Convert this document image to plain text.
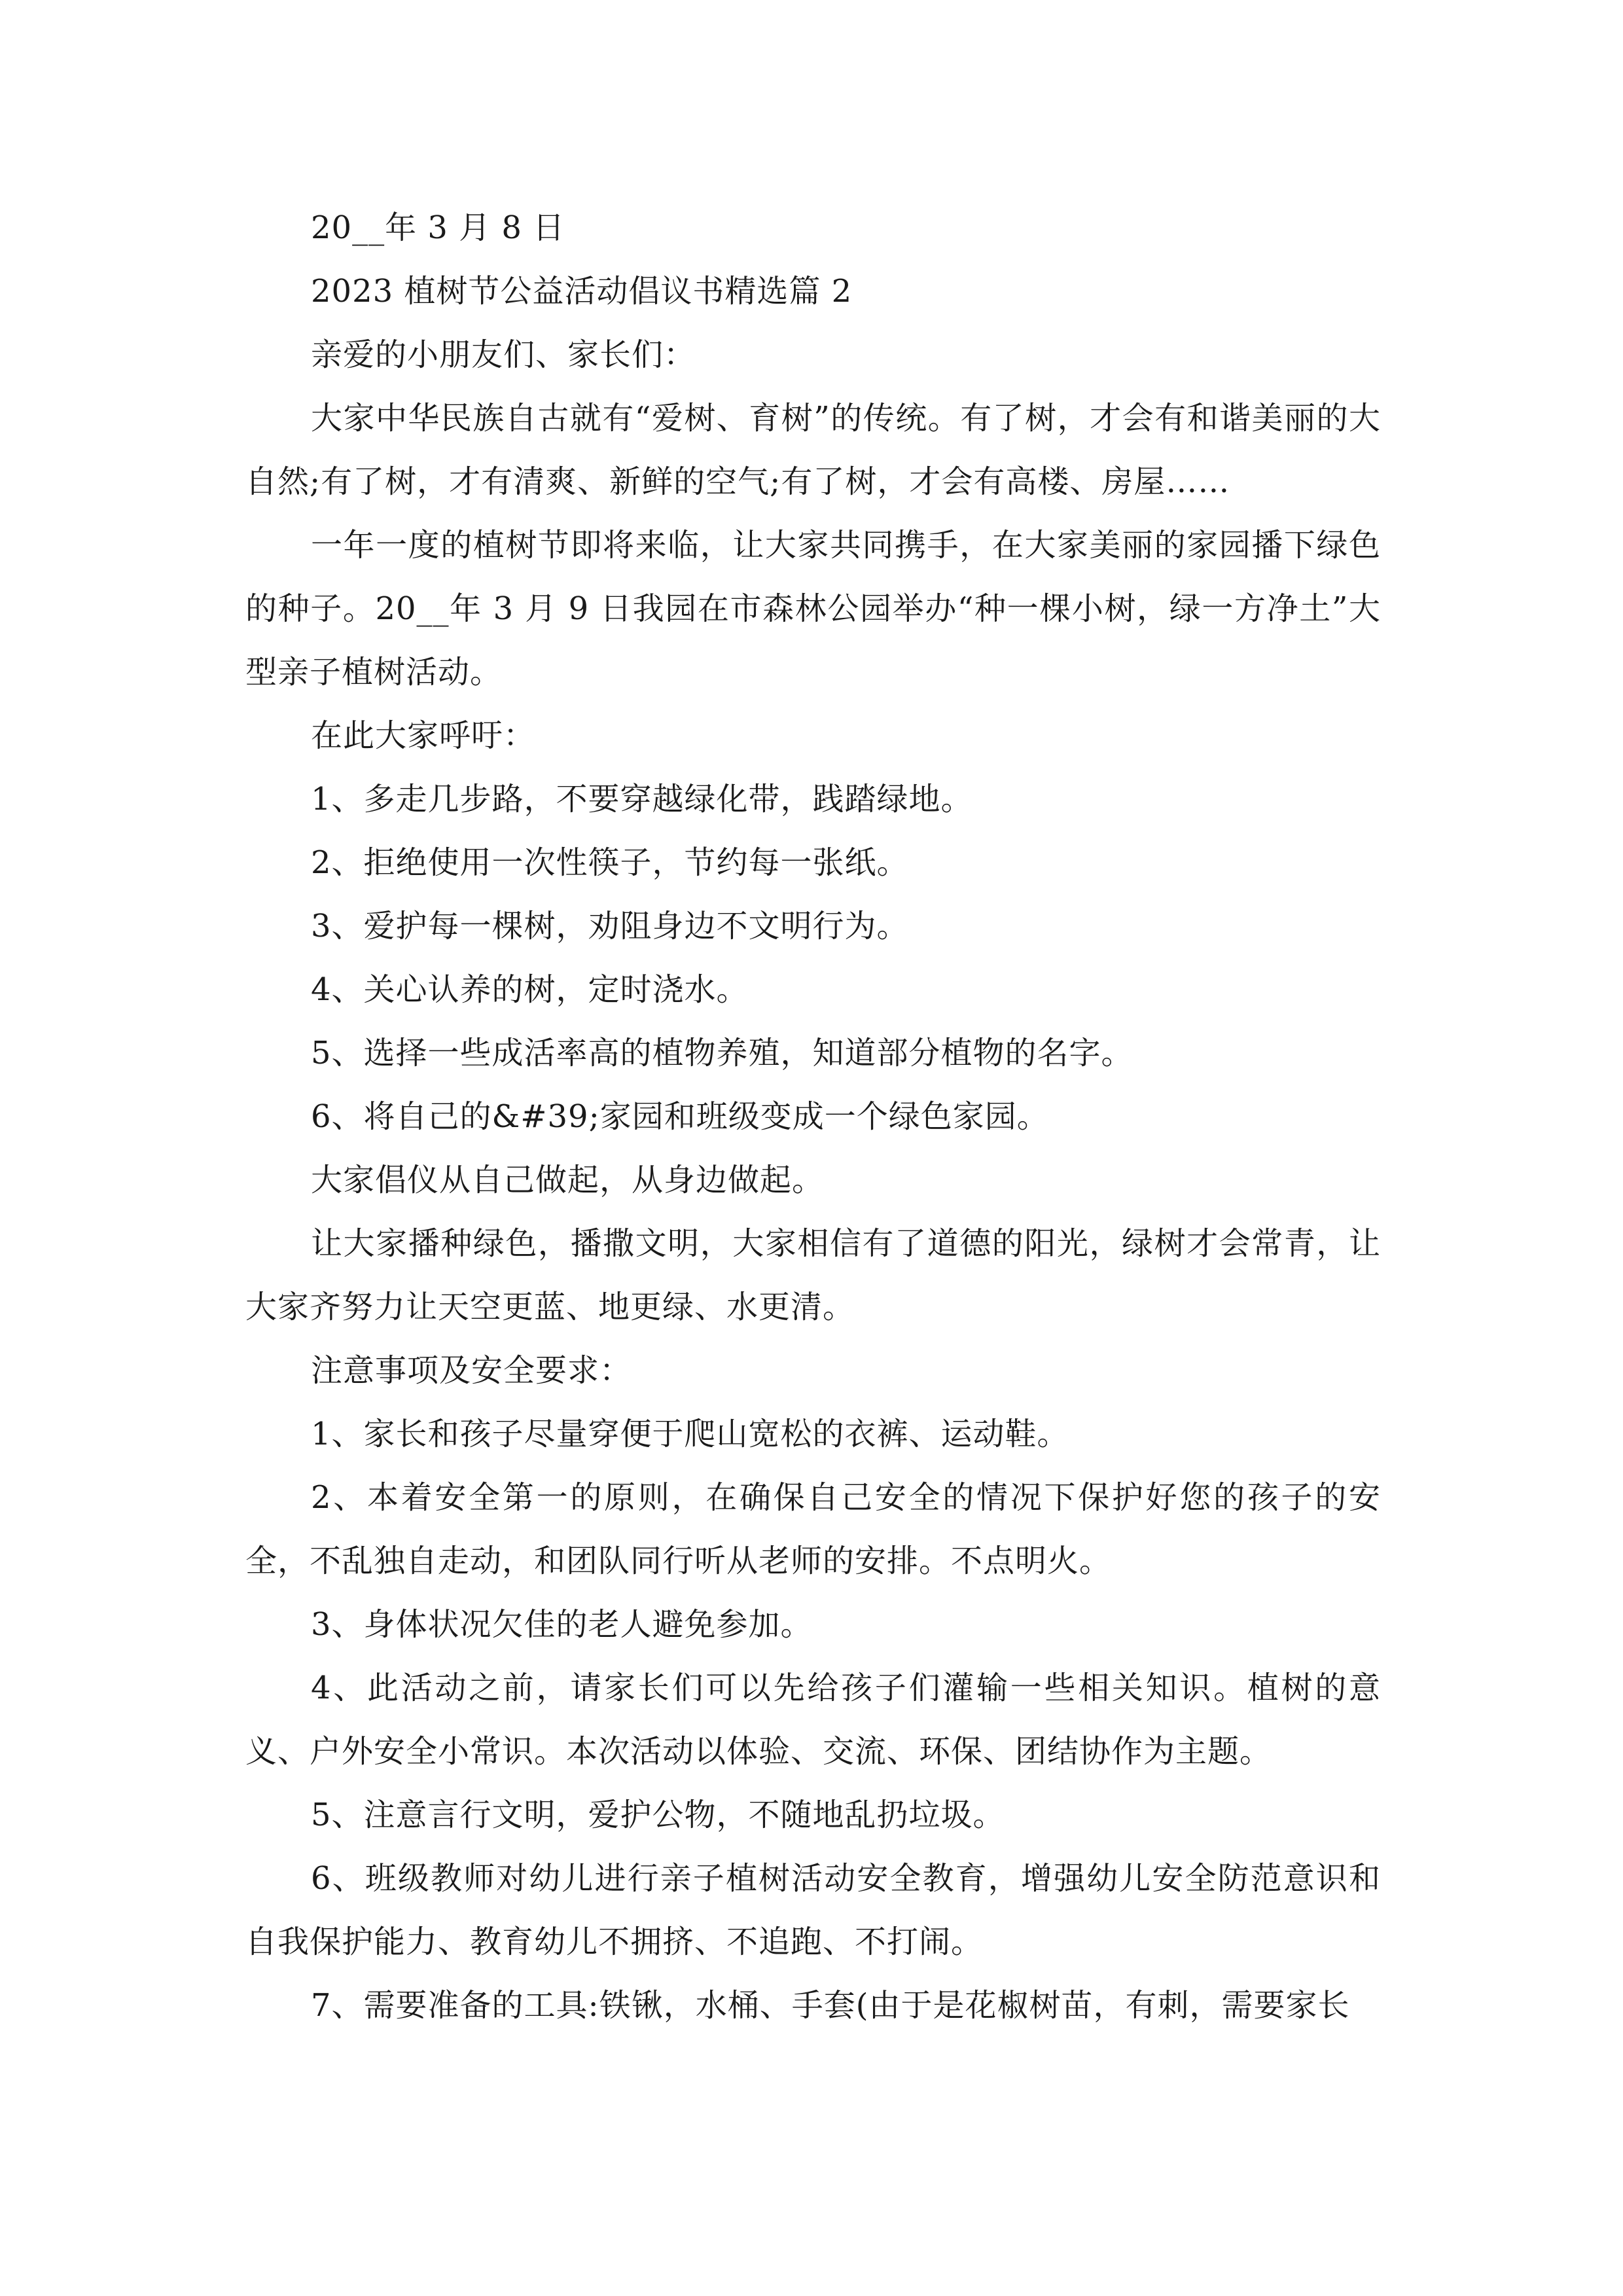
20__年 3 月 8 日

2023 植树节公益活动倡议书精选篇 2

亲爱的小朋友们、家长们：

大家中华民族自古就有“爱树、育树”的传统。有了树，才会有和谐美丽的大自然;有了树，才有清爽、新鲜的空气;有了树，才会有高楼、房屋……

一年一度的植树节即将来临，让大家共同携手，在大家美丽的家园播下绿色的种子。20__年 3 月 9 日我园在市森林公园举办“种一棵小树，绿一方净土”大型亲子植树活动。

在此大家呼吁：

1、多走几步路，不要穿越绿化带，践踏绿地。

2、拒绝使用一次性筷子，节约每一张纸。

3、爱护每一棵树，劝阻身边不文明行为。

4、关心认养的树，定时浇水。

5、选择一些成活率高的植物养殖，知道部分植物的名字。

6、将自己的&#39;家园和班级变成一个绿色家园。

大家倡仪从自己做起，从身边做起。

让大家播种绿色，播撒文明，大家相信有了道德的阳光，绿树才会常青，让大家齐努力让天空更蓝、地更绿、水更清。

注意事项及安全要求：

1、家长和孩子尽量穿便于爬山宽松的衣裤、运动鞋。

2、本着安全第一的原则，在确保自己安全的情况下保护好您的孩子的安全，不乱独自走动，和团队同行听从老师的安排。不点明火。

3、身体状况欠佳的老人避免参加。

4、此活动之前，请家长们可以先给孩子们灌输一些相关知识。植树的意义、户外安全小常识。本次活动以体验、交流、环保、团结协作为主题。

5、注意言行文明，爱护公物，不随地乱扔垃圾。

6、班级教师对幼儿进行亲子植树活动安全教育，增强幼儿安全防范意识和自我保护能力、教育幼儿不拥挤、不追跑、不打闹。

7、需要准备的工具:铁锹，水桶、手套(由于是花椒树苗，有刺，需要家长
